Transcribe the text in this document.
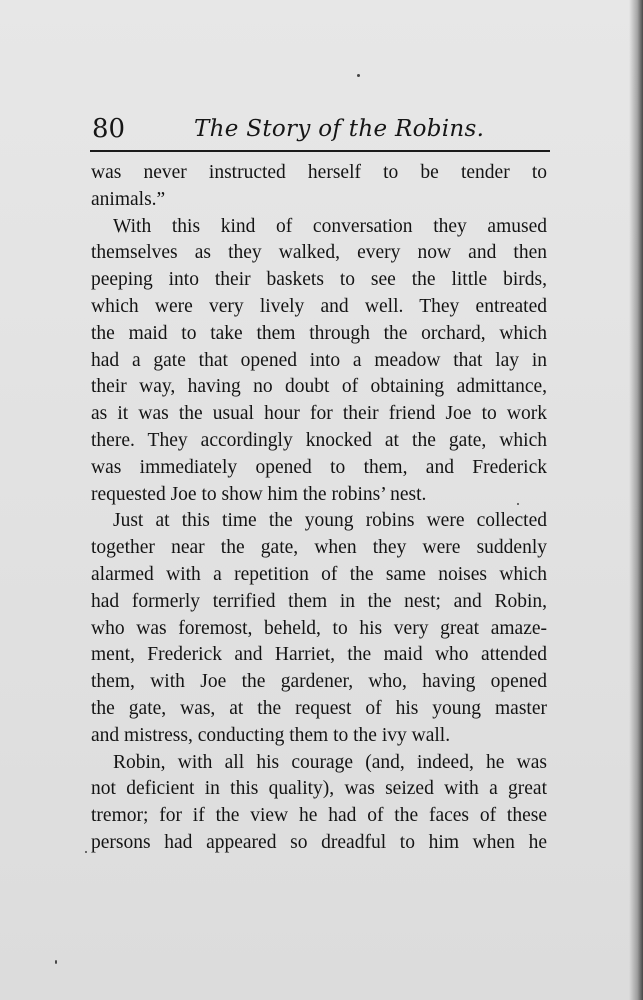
80	The Story of the Robins.
was never instructed herself to be tender to
animals.”
With this kind of conversation they amused
themselves as they walked, every now and then
peeping into their baskets to see the little birds,
which were very lively and well. They entreated
the maid to take them through the orchard, which
had a gate that opened into a meadow that lay in
their way, having no doubt of obtaining admittance,
as it was the usual hour for their friend Joe to work
there. They accordingly knocked at the gate, which
was immediately opened to them, and Frederick
requested Joe to show him the robins’ nest.
Just at this time the young robins were collected
together near the gate, when they were suddenly
alarmed with a repetition of the same noises which
had formerly terrified them in the nest; and Robin,
who was foremost, beheld, to his very great amaze-
ment, Frederick and Harriet, the maid who attended
them, with Joe the gardener, who, having opened
the gate, was, at the request of his young master
and mistress, conducting them to the ivy wall.
Robin, with all his courage (and, indeed, he was
not deficient in this quality), was seized with a great
tremor; for if the view he had of the faces of these
persons had appeared so dreadful to him when he
